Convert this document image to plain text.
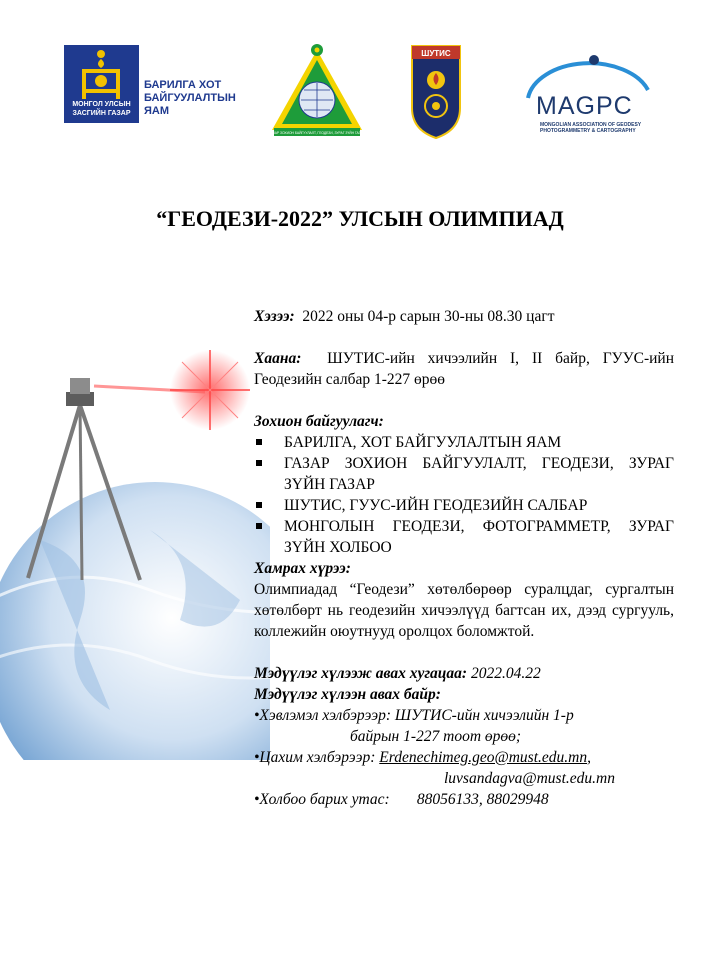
МОНГОЛ УЛСЫН
ЗАСГИЙН ГАЗАР
БАРИЛГА ХОТ
БАЙГУУЛАЛТЫН
ЯАМ
ГАЗАР ЗОХИОН БАЙГУУЛАЛТ, ГЕОДЕЗИ, ЗУРАГ ЗҮЙН ГАЗАР
ШУТИС
MAGPC
MONGOLIAN ASSOCIATION OF GEODESY
PHOTOGRAMMETRY & CARTOGRAPHY
“ГЕОДЕЗИ-2022” УЛСЫН ОЛИМПИАД

Хэзээ: 2022 оны 04-р сарын 30-ны 08.30 цагт

Хаана: ШУТИС-ийн хичээлийн I, II байр, ГУУС-ийн Геодезийн салбар 1-227 өрөө

Зохион байгуулагч:

БАРИЛГА, ХОТ БАЙГУУЛАЛТЫН ЯАМ
ГАЗАР ЗОХИОН БАЙГУУЛАЛТ, ГЕОДЕЗИ, ЗУРАГ ЗҮЙН ГАЗАР
ШУТИС, ГУУС-ИЙН ГЕОДЕЗИЙН САЛБАР
МОНГОЛЫН ГЕОДЕЗИ, ФОТОГРАММЕТР, ЗУРАГ ЗҮЙН ХОЛБОО

Хамрах хүрээ:

Олимпиадад “Геодези” хөтөлбөрөөр суралцдаг, сургалтын хөтөлбөрт нь геодезийн хичээлүүд багтсан их, дээд сургууль, коллежийн оюутнууд оролцох боломжтой.

Мэдүүлэг хүлээж авах хугацаа: 2022.04.22

Мэдүүлэг хүлээн авах байр:

•Хэвлэмэл хэлбэрээр: ШУТИС-ийн хичээлийн 1-р

байрын 1-227 тоот өрөө;

•Цахим хэлбэрээр: Erdenechimeg.geo@must.edu.mn,

luvsandagva@must.edu.mn

•Холбоо барих утас: 88056133, 88029948
